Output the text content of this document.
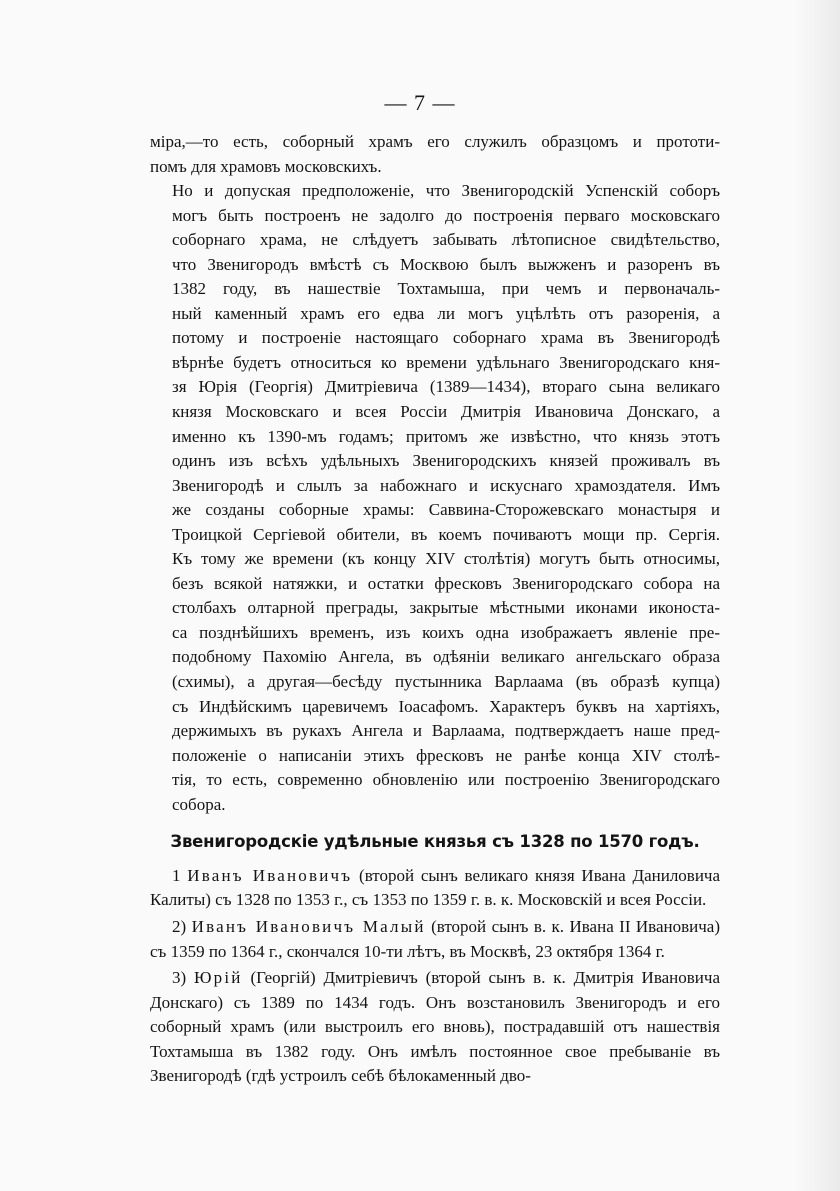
— 7 —
міра,—то есть, соборный храмъ его служилъ образцомъ и прототи-
помъ для храмовъ московскихъ.
Но и допуская предположеніе, что Звенигородскій Успенскій соборъ
могъ быть построенъ не задолго до построенія перваго московскаго
соборнаго храма, не слѣдуетъ забывать лѣтописное свидѣтельство,
что Звенигородъ вмѣстѣ съ Москвою былъ выжженъ и разоренъ въ
1382 году, въ нашествіе Тохтамыша, при чемъ и первоначаль-
ный каменный храмъ его едва ли могъ уцѣлѣть отъ разоренія, а
потому и построеніе настоящаго соборнаго храма въ Звенигородѣ
вѣрнѣе будетъ относиться ко времени удѣльнаго Звенигородскаго кня-
зя Юрія (Георгія) Дмитріевича (1389—1434), втораго сына великаго
князя Московскаго и всея Россіи Дмитрія Ивановича Донскаго, а
именно къ 1390-мъ годамъ; притомъ же извѣстно, что князь этотъ
одинъ изъ всѣхъ удѣльныхъ Звенигородскихъ князей проживалъ въ
Звенигородѣ и слылъ за набожнаго и искуснаго храмоздателя. Имъ
же созданы соборные храмы: Саввина-Сторожевскаго монастыря и
Троицкой Сергіевой обители, въ коемъ почиваютъ мощи пр. Сергія.
Къ тому же времени (къ концу XIV столѣтія) могутъ быть относимы,
безъ всякой натяжки, и остатки фресковъ Звенигородскаго собора на
столбахъ олтарной преграды, закрытые мѣстными иконами иконоста-
са позднѣйшихъ временъ, изъ коихъ одна изображаетъ явленіе пре-
подобному Пахомію Ангела, въ одѣяніи великаго ангельскаго образа
(схимы), а другая—бесѣду пустынника Варлаама (въ образѣ купца)
съ Индѣйскимъ царевичемъ Іоасафомъ. Характеръ буквъ на хартіяхъ,
держимыхъ въ рукахъ Ангела и Варлаама, подтверждаетъ наше пред-
положеніе о написаніи этихъ фресковъ не ранѣе конца XIV столѣ-
тія, то есть, современно обновленію или построенію Звенигородскаго
собора.
Звенигородскіе удѣльные князья съ 1328 по 1570 годъ.

1 Иванъ Ивановичъ (второй сынъ великаго князя Ивана Даниловича Калиты) съ 1328 по 1353 г., съ 1353 по 1359 г. в. к. Московскій и всея Россіи.

2) Иванъ Ивановичъ Малый (второй сынъ в. к. Ивана II Ивановича) съ 1359 по 1364 г., скончался 10-ти лѣтъ, въ Москвѣ, 23 октября 1364 г.

3) Юрій (Георгій) Дмитріевичъ (второй сынъ в. к. Дмитрія Ивановича Донскаго) съ 1389 по 1434 годъ. Онъ возстановилъ Звенигородъ и его соборный храмъ (или выстроилъ его вновь), пострадавшій отъ нашествія Тохтамыша въ 1382 году. Онъ имѣлъ постоянное свое пребываніе въ Звенигородѣ (гдѣ устроилъ себѣ бѣлокаменный дво-
